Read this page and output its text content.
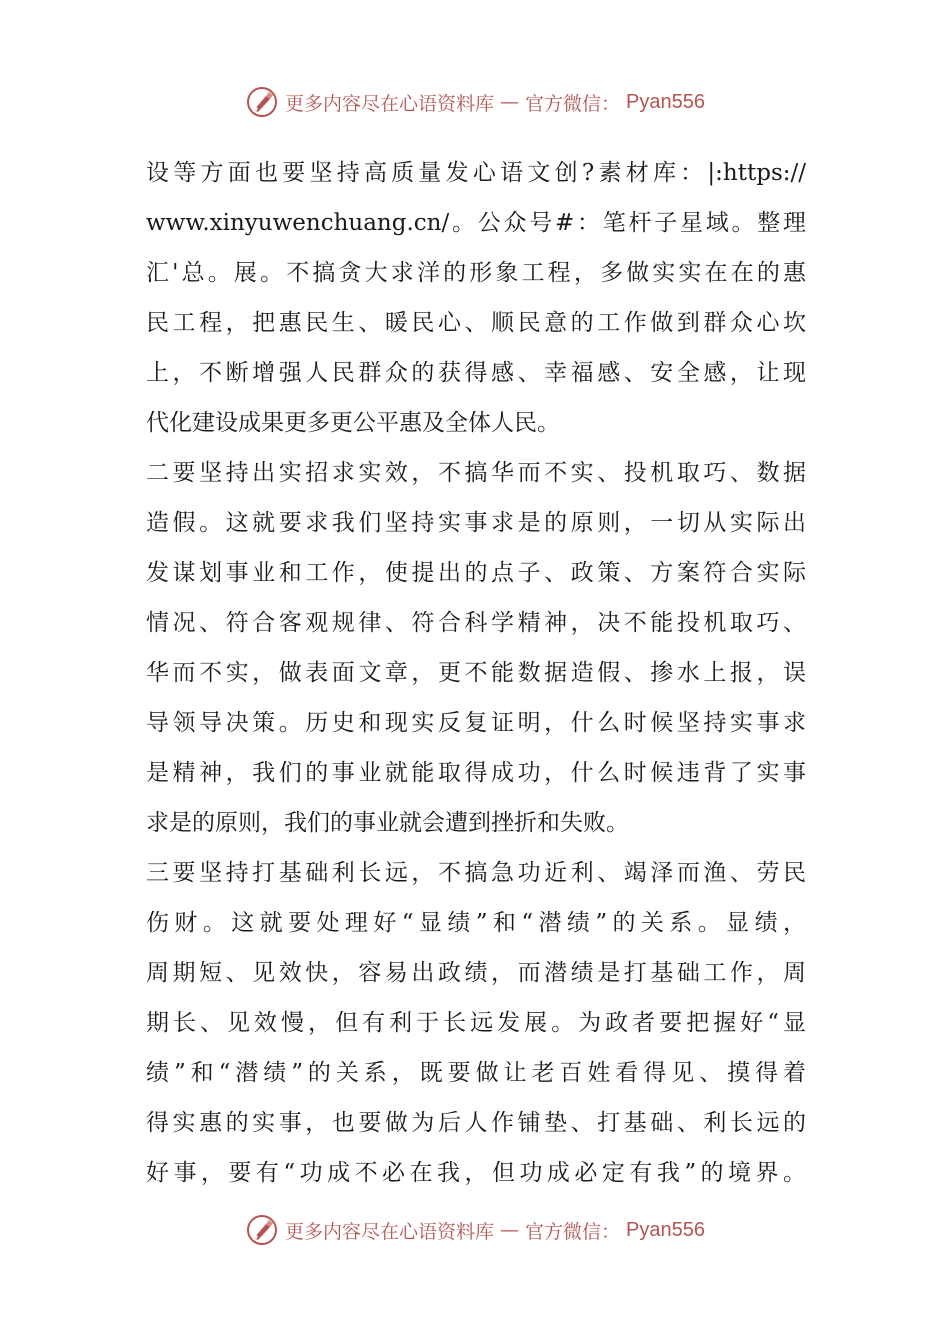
更多内容尽在心语资料库 — 官方微信： Pyan556
设等方面也要坚持高质量发心语文创?素材库：|:https://
www.xinyuwenchuang.cn/。公众号#：笔杆子星域。整理
汇'总。展。不搞贪大求洋的形象工程，多做实实在在的惠
民工程，把惠民生、暖民心、顺民意的工作做到群众心坎
上，不断增强人民群众的获得感、幸福感、安全感，让现
代化建设成果更多更公平惠及全体人民。
二要坚持出实招求实效，不搞华而不实、投机取巧、数据
造假。这就要求我们坚持实事求是的原则，一切从实际出
发谋划事业和工作，使提出的点子、政策、方案符合实际
情况、符合客观规律、符合科学精神，决不能投机取巧、
华而不实，做表面文章，更不能数据造假、掺水上报，误
导领导决策。历史和现实反复证明，什么时候坚持实事求
是精神，我们的事业就能取得成功，什么时候违背了实事
求是的原则，我们的事业就会遭到挫折和失败。
三要坚持打基础利长远，不搞急功近利、竭泽而渔、劳民
伤财。这就要处理好“显绩”和“潜绩”的关系。显绩，
周期短、见效快，容易出政绩，而潜绩是打基础工作，周
期长、见效慢，但有利于长远发展。为政者要把握好“显
绩”和“潜绩”的关系，既要做让老百姓看得见、摸得着
得实惠的实事，也要做为后人作铺垫、打基础、利长远的
好事，要有“功成不必在我，但功成必定有我”的境界。
更多内容尽在心语资料库 — 官方微信： Pyan556
